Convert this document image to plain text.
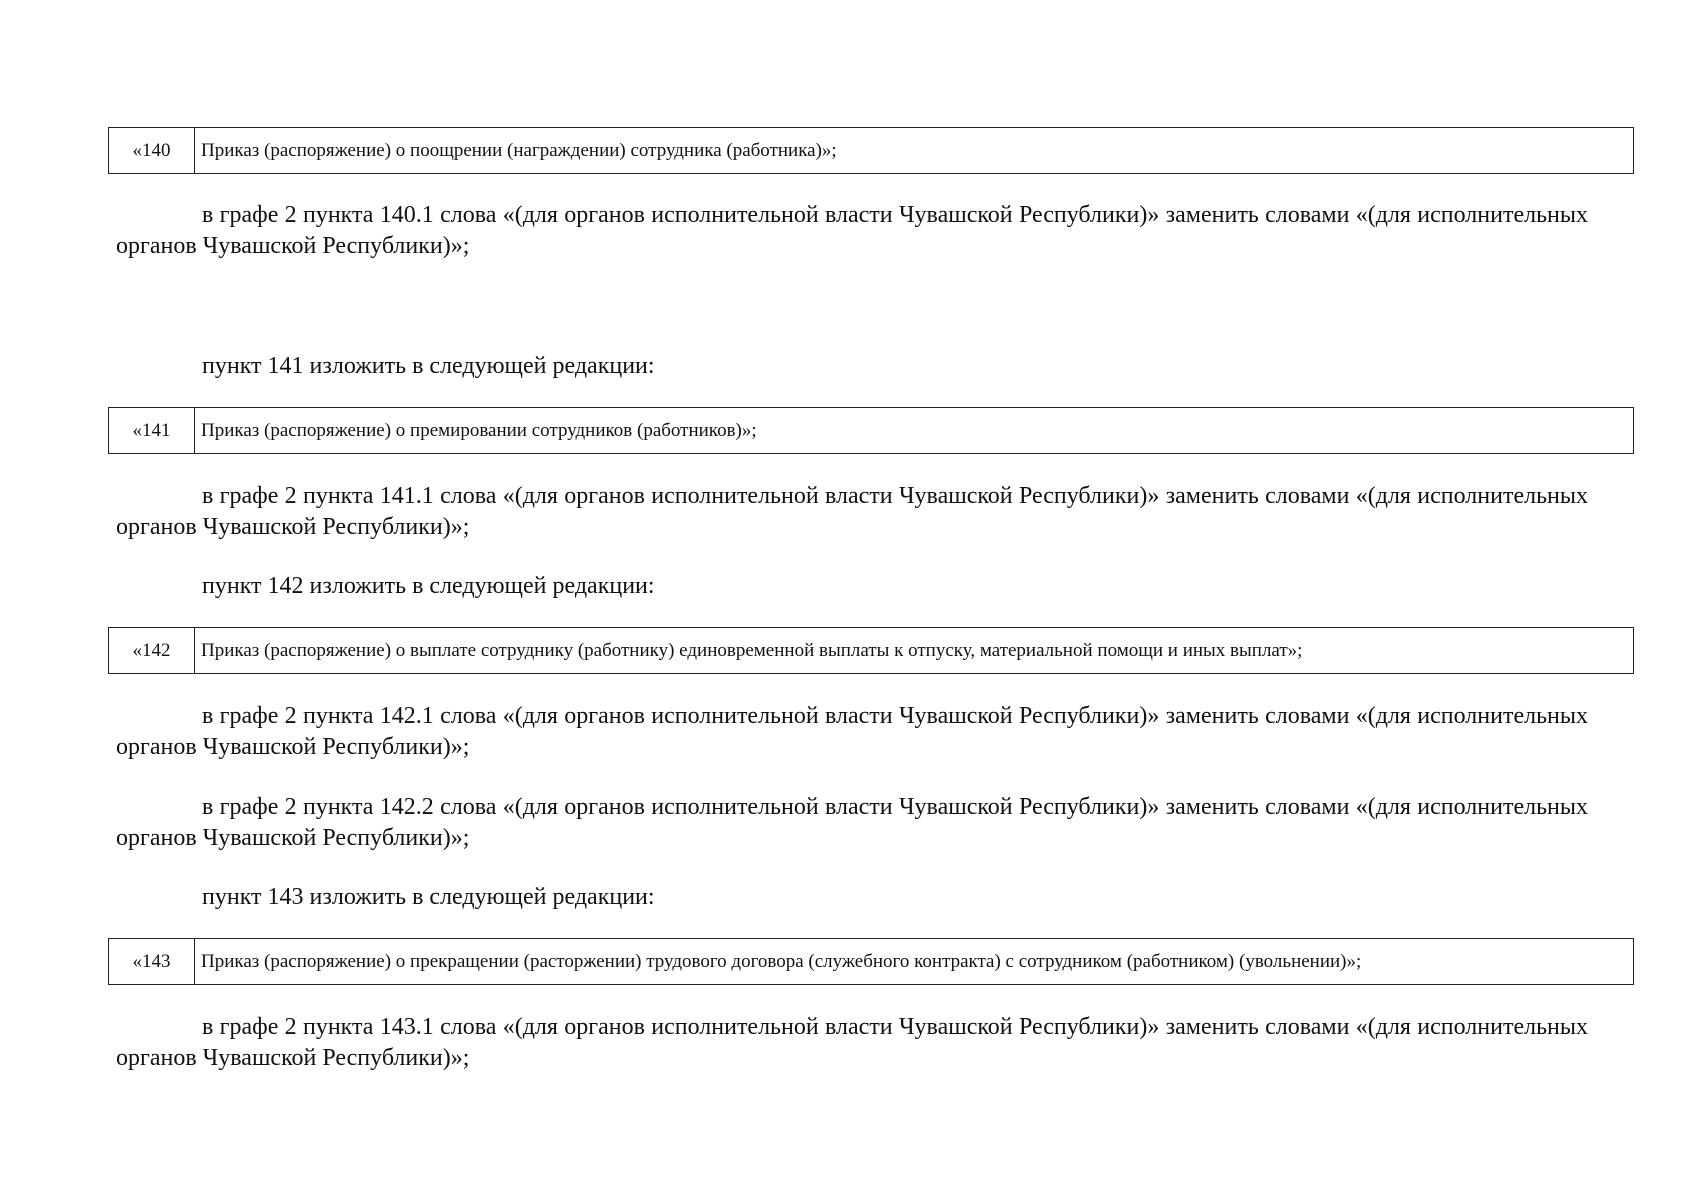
«140	Приказ (распоряжение) о поощрении (награждении) сотрудника (работника)»;
в графе 2 пункта 140.1 слова «(для органов исполнительной власти Чувашской Республики)» заменить словами «(для исполнительных органов Чувашской Республики)»;
пункт 141 изложить в следующей редакции:
«141	Приказ (распоряжение) о премировании сотрудников (работников)»;
в графе 2 пункта 141.1 слова «(для органов исполнительной власти Чувашской Республики)» заменить словами «(для исполнительных органов Чувашской Республики)»;
пункт 142 изложить в следующей редакции:
«142	Приказ (распоряжение) о выплате сотруднику (работнику) единовременной выплаты к отпуску, материальной помощи и иных выплат»;
в графе 2 пункта 142.1 слова «(для органов исполнительной власти Чувашской Республики)» заменить словами «(для исполнительных органов Чувашской Республики)»;
в графе 2 пункта 142.2 слова «(для органов исполнительной власти Чувашской Республики)» заменить словами «(для исполнительных органов Чувашской Республики)»;
пункт 143 изложить в следующей редакции:
«143	Приказ (распоряжение) о прекращении (расторжении) трудового договора (служебного контракта) с сотрудником (работником) (увольнении)»;
в графе 2 пункта 143.1 слова «(для органов исполнительной власти Чувашской Республики)» заменить словами «(для исполнительных органов Чувашской Республики)»;
